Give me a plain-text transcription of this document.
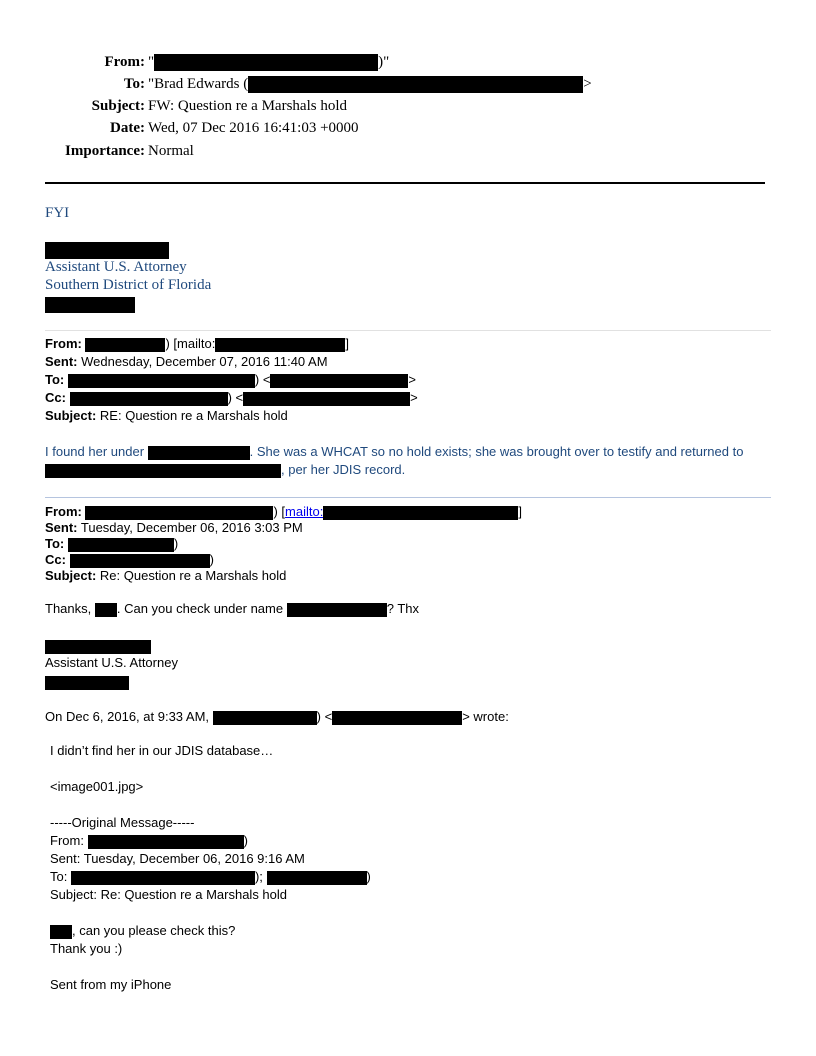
From: "	)"
To: "Brad Edwards (	>
Subject: FW: Question re a Marshals hold
Date: Wed, 07 Dec 2016 16:41:03 +0000
Importance: Normal
FYI
Assistant U.S. Attorney
Southern District of Florida
From:	) [mailto:	]
Sent: Wednesday, December 07, 2016 11:40 AM
To:	) <	>
Cc:	) <	>
Subject: RE: Question re a Marshals hold
I found her under	. She was a WHCAT so no hold exists; she was brought over to testify and returned to
, per her JDIS record.
From:	) [mailto:	]
Sent: Tuesday, December 06, 2016 3:03 PM
To:	)
Cc:	)
Subject: Re: Question re a Marshals hold
Thanks, . Can you check under name	? Thx
Assistant U.S. Attorney
On Dec 6, 2016, at 9:33 AM,	) <	> wrote:
I didn’t find her in our JDIS database…
<image001.jpg>
-----Original Message-----
From:	)
Sent: Tuesday, December 06, 2016 9:16 AM
To:	);	)
Subject: Re: Question re a Marshals hold
, can you please check this?
Thank you :)
Sent from my iPhone
